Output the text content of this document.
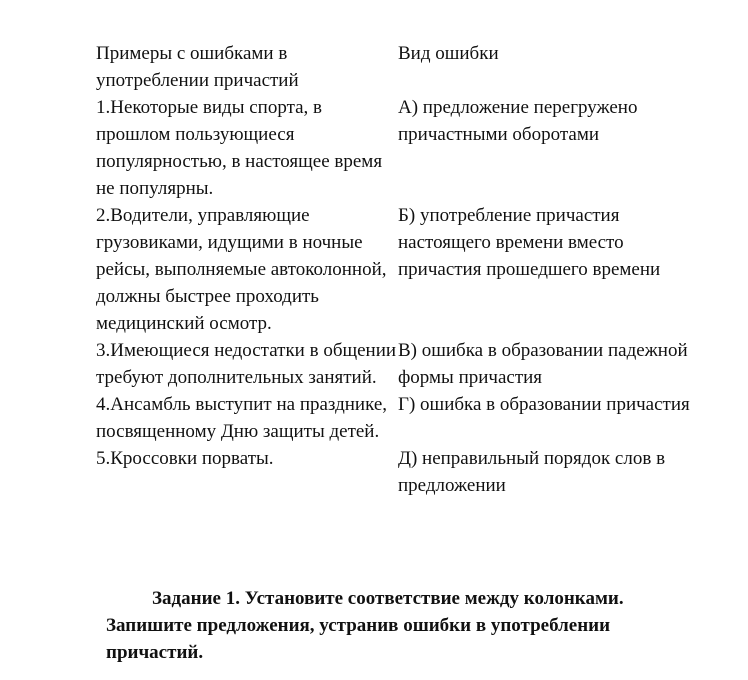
Примеры с ошибками в употреблении причастий	Вид ошибки
1.Некоторые виды спорта, в прошлом пользующиеся популярностью, в настоящее время не популярны.	А) предложение перегружено причастными оборотами
2.Водители, управляющие грузовиками, идущими в ночные рейсы, выполняемые автоколонной, должны быстрее проходить медицинский осмотр.	Б) употребление причастия настоящего времени вместо причастия прошедшего времени
3.Имеющиеся недостатки в общении требуют дополнительных занятий.	В) ошибка в образовании падежной формы причастия
4.Ансамбль выступит на празднике, посвященному Дню защиты детей.	Г) ошибка в образовании причастия
5.Кроссовки порваты.	Д) неправильный порядок слов в предложении
Задание 1. Установите соответствие между колонками. Запишите предложения, устранив ошибки в употреблении причастий.
